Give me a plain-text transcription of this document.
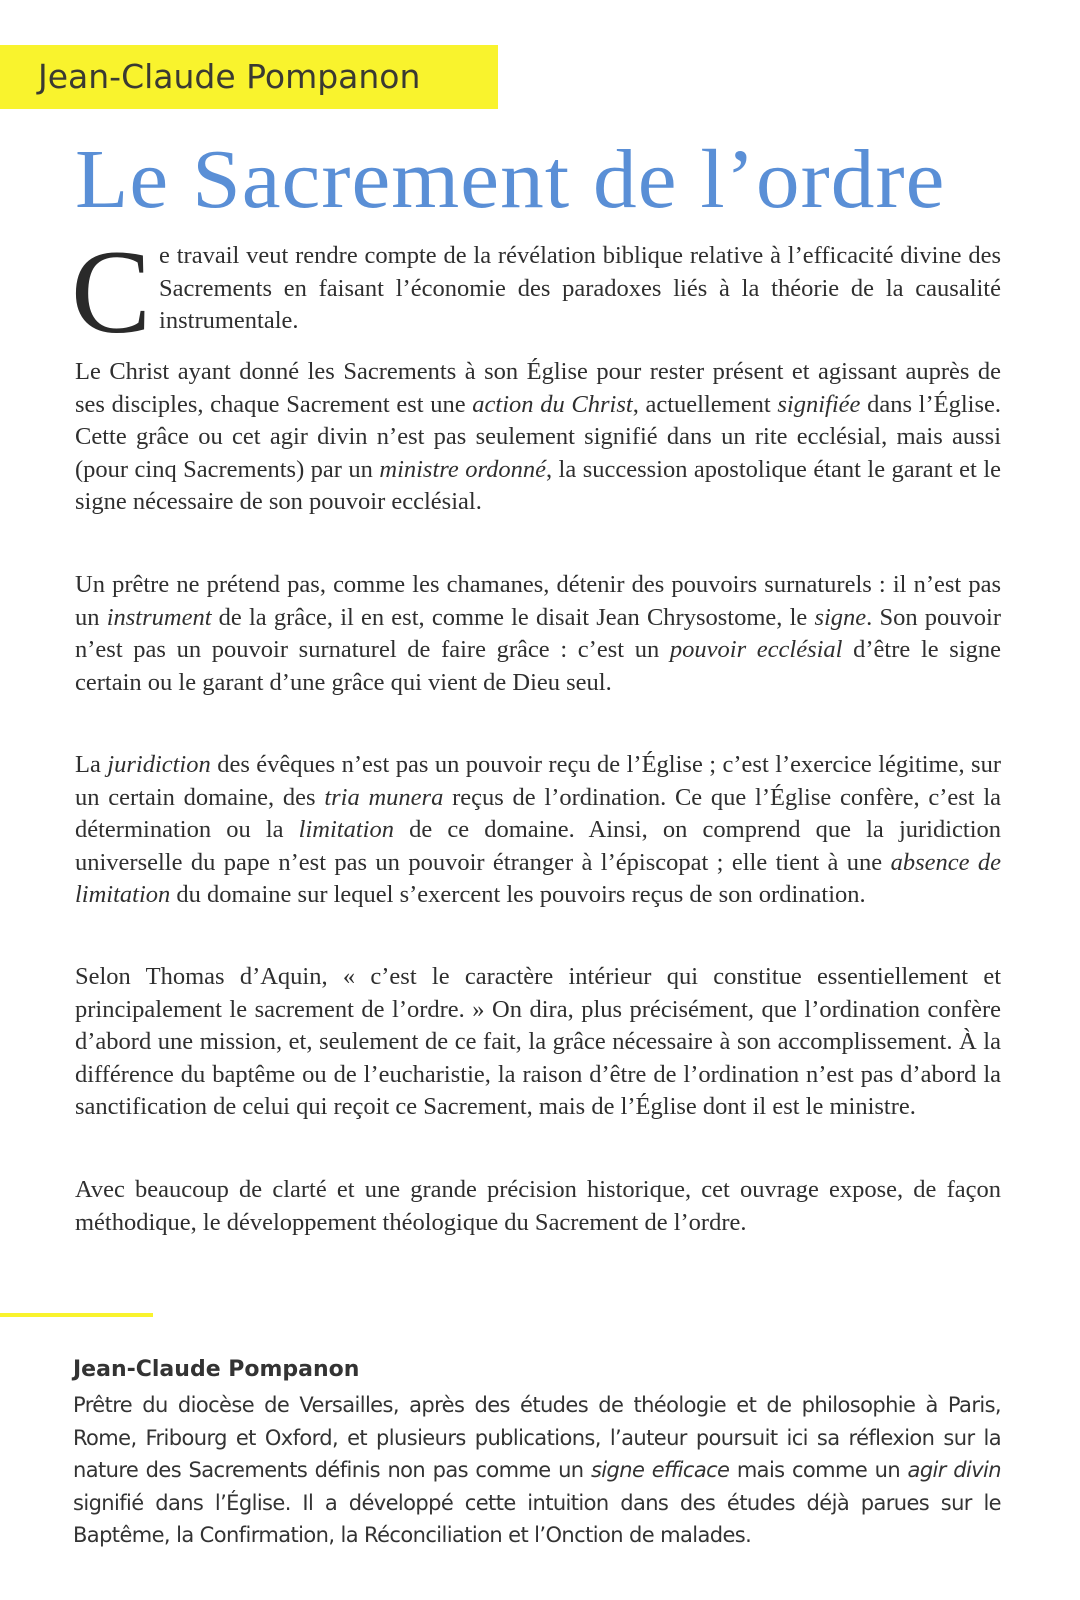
Jean-Claude Pompanon
Le Sacrement de l’ordre

C e travail veut rendre compte de la révélation biblique relative à l’efficacité divine des Sacrements en faisant l’économie des paradoxes liés à la théorie de la causalité instrumentale.

Le Christ ayant donné les Sacrements à son Église pour rester présent et agissant auprès de ses disciples, chaque Sacrement est une action du Christ, actuellement signifiée dans l’Église. Cette grâce ou cet agir divin n’est pas seulement signifié dans un rite ecclésial, mais aussi (pour cinq Sacrements) par un ministre ordonné, la succession apostolique étant le garant et le signe nécessaire de son pouvoir ecclésial.

Un prêtre ne prétend pas, comme les chamanes, détenir des pouvoirs surnaturels : il n’est pas un instrument de la grâce, il en est, comme le disait Jean Chrysostome, le signe. Son pouvoir n’est pas un pouvoir surnaturel de faire grâce : c’est un pouvoir ecclésial d’être le signe certain ou le garant d’une grâce qui vient de Dieu seul.

La juridiction des évêques n’est pas un pouvoir reçu de l’Église ; c’est l’exercice légitime, sur un certain domaine, des tria munera reçus de l’ordination. Ce que l’Église confère, c’est la détermination ou la limitation de ce domaine. Ainsi, on comprend que la juridiction universelle du pape n’est pas un pouvoir étranger à l’épiscopat ; elle tient à une absence de limitation du domaine sur lequel s’exercent les pouvoirs reçus de son ordination.

Selon Thomas d’Aquin, « c’est le caractère intérieur qui constitue essentiellement et principalement le sacrement de l’ordre. » On dira, plus précisément, que l’ordination confère d’abord une mission, et, seulement de ce fait, la grâce nécessaire à son accomplissement. À la différence du baptême ou de l’eucharistie, la raison d’être de l’ordination n’est pas d’abord la sanctification de celui qui reçoit ce Sacrement, mais de l’Église dont il est le ministre.

Avec beaucoup de clarté et une grande précision historique, cet ouvrage expose, de façon méthodique, le développement théologique du Sacrement de l’ordre.

Jean-Claude Pompanon

Prêtre du diocèse de Versailles, après des études de théologie et de philosophie à Paris, Rome, Fribourg et Oxford, et plusieurs publications, l’auteur poursuit ici sa réflexion sur la nature des Sacrements définis non pas comme un signe efficace mais comme un agir divin signifié dans l’Église. Il a développé cette intuition dans des études déjà parues sur le Baptême, la Confirmation, la Réconciliation et l’Onction de malades.
